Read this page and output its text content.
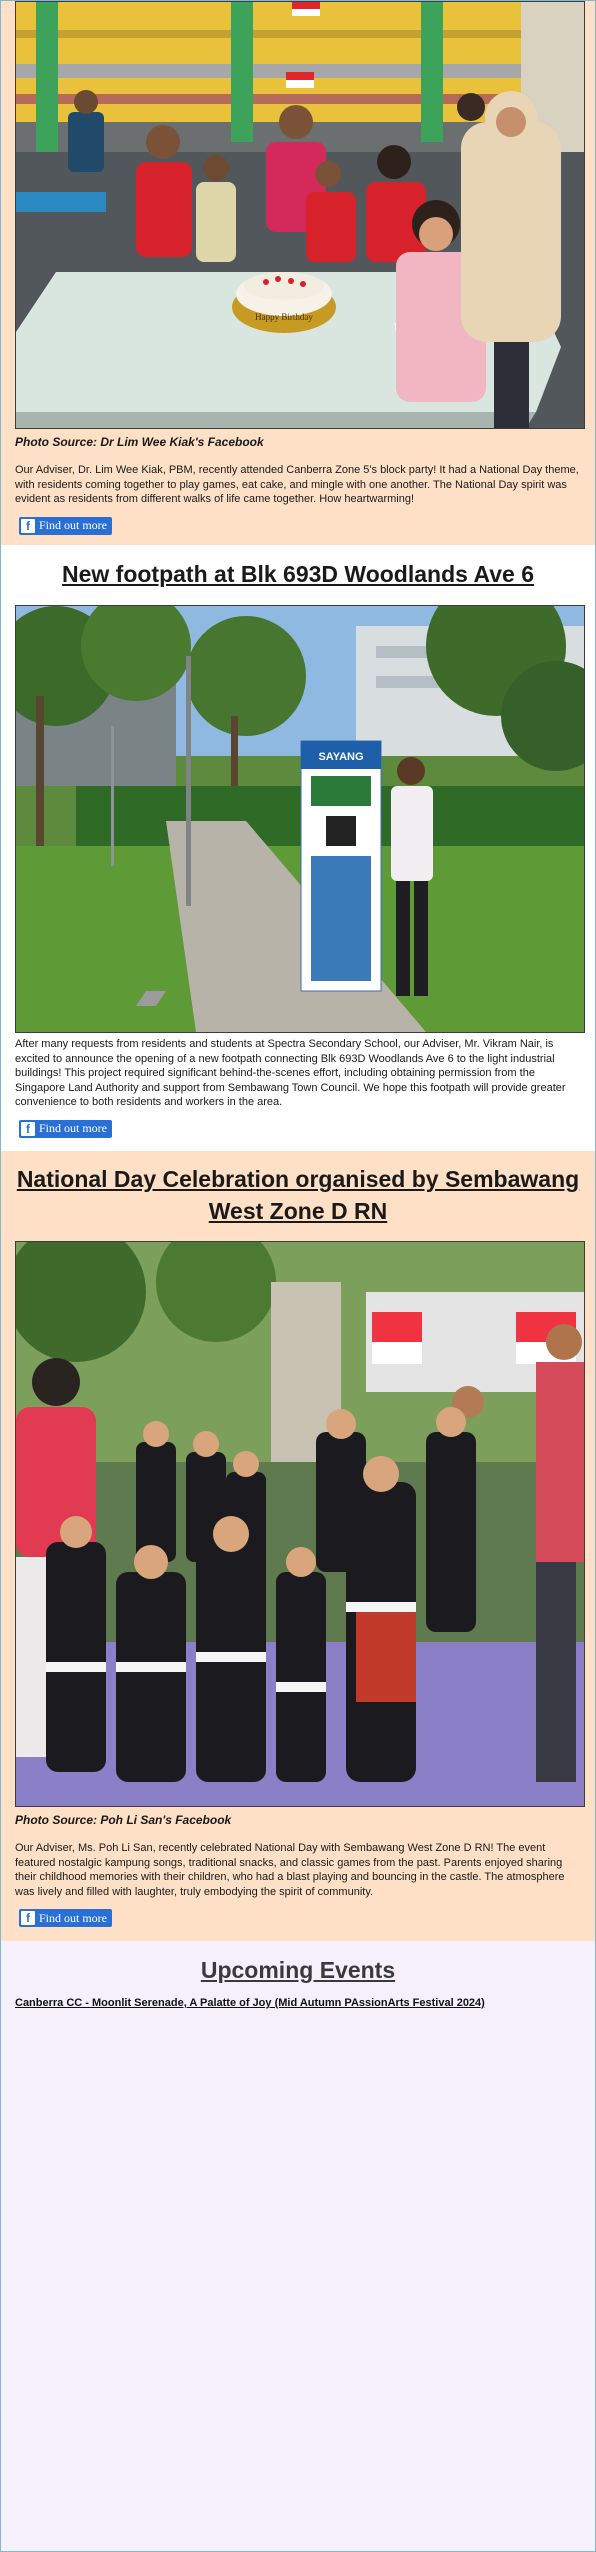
Happy Birthday

Photo Source: Dr Lim Wee Kiak's Facebook

Our Adviser, Dr. Lim Wee Kiak, PBM, recently attended Canberra Zone 5's block party! It had a National Day theme, with residents coming together to play games, eat cake, and mingle with one another. The National Day spirit was evident as residents from different walks of life came together. How heartwarming!

f Find out more
New footpath at Blk 693D Woodlands Ave 6
SAYANG

After many requests from residents and students at Spectra Secondary School, our Adviser, Mr. Vikram Nair, is excited to announce the opening of a new footpath connecting Blk 693D Woodlands Ave 6 to the light industrial buildings! This project required significant behind-the-scenes effort, including obtaining permission from the Singapore Land Authority and support from Sembawang Town Council. We hope this footpath will provide greater convenience to both residents and workers in the area.

f Find out more
National Day Celebration organised by Sembawang West Zone D RN

Photo Source: Poh Li San's Facebook

Our Adviser, Ms. Poh Li San, recently celebrated National Day with Sembawang West Zone D RN! The event featured nostalgic kampung songs, traditional snacks, and classic games from the past. Parents enjoyed sharing their childhood memories with their children, who had a blast playing and bouncing in the castle. The atmosphere was lively and filled with laughter, truly embodying the spirit of community.

f Find out more
Upcoming Events
Canberra CC - Moonlit Serenade, A Palatte of Joy (Mid Autumn PAssionArts Festival 2024)
